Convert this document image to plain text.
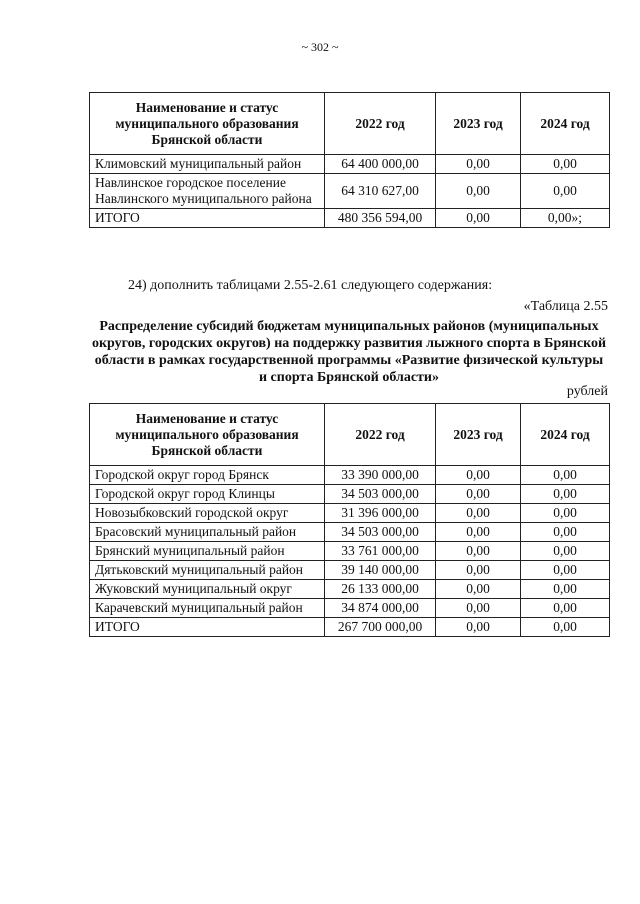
~ 302 ~
Наименование и статус муниципального образования Брянской области	2022 год	2023 год	2024 год
Климовский муниципальный район	64 400 000,00	0,00	0,00
Навлинское городское поселение Навлинского муниципального района	64 310 627,00	0,00	0,00
ИТОГО	480 356 594,00	0,00	0,00»;
24) дополнить таблицами 2.55-2.61 следующего содержания:
«Таблица 2.55
Распределение субсидий бюджетам муниципальных районов (муниципальных округов, городских округов) на поддержку развития лыжного спорта в Брянской области в рамках государственной программы «Развитие физической культуры и спорта Брянской области»
рублей
Наименование и статус муниципального образования Брянской области	2022 год	2023 год	2024 год
Городской округ город Брянск	33 390 000,00	0,00	0,00
Городской округ город Клинцы	34 503 000,00	0,00	0,00
Новозыбковский городской округ	31 396 000,00	0,00	0,00
Брасовский муниципальный район	34 503 000,00	0,00	0,00
Брянский муниципальный район	33 761 000,00	0,00	0,00
Дятьковский муниципальный район	39 140 000,00	0,00	0,00
Жуковский муниципальный округ	26 133 000,00	0,00	0,00
Карачевский муниципальный район	34 874 000,00	0,00	0,00
ИТОГО	267 700 000,00	0,00	0,00
